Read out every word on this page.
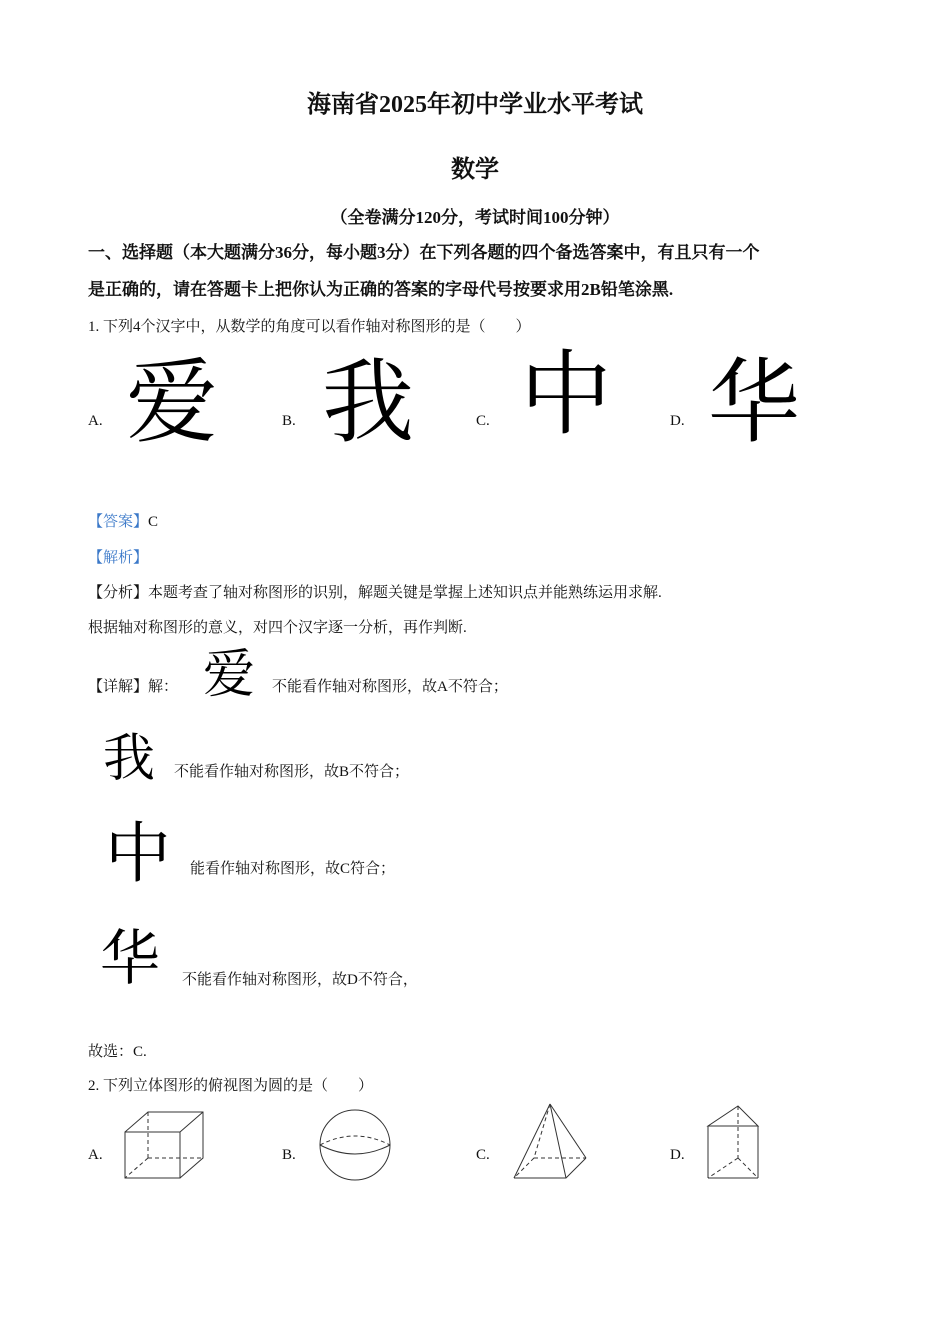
海南省2025年初中学业水平考试
数学
（全卷满分120分，考试时间100分钟）
一、选择题（本大题满分36分，每小题3分）在下列各题的四个备选答案中，有且只有一个
是正确的，请在答题卡上把你认为正确的答案的字母代号按要求用2B铅笔涂黑.
1. 下列4个汉字中，从数学的角度可以看作轴对称图形的是（　　）
A. 爱	B. 我	C. 中	D. 华
【答案】C
【解析】
【分析】本题考查了轴对称图形的识别，解题关键是掌握上述知识点并能熟练运用求解.
根据轴对称图形的意义，对四个汉字逐一分析，再作判断.
【详解】解： 爱 不能看作轴对称图形，故A不符合；
我 不能看作轴对称图形，故B不符合；
中 能看作轴对称图形，故C符合；
华 不能看作轴对称图形，故D不符合，
故选：C.
2. 下列立体图形的俯视图为圆的是（　　）
A.	B.	C.	D.
